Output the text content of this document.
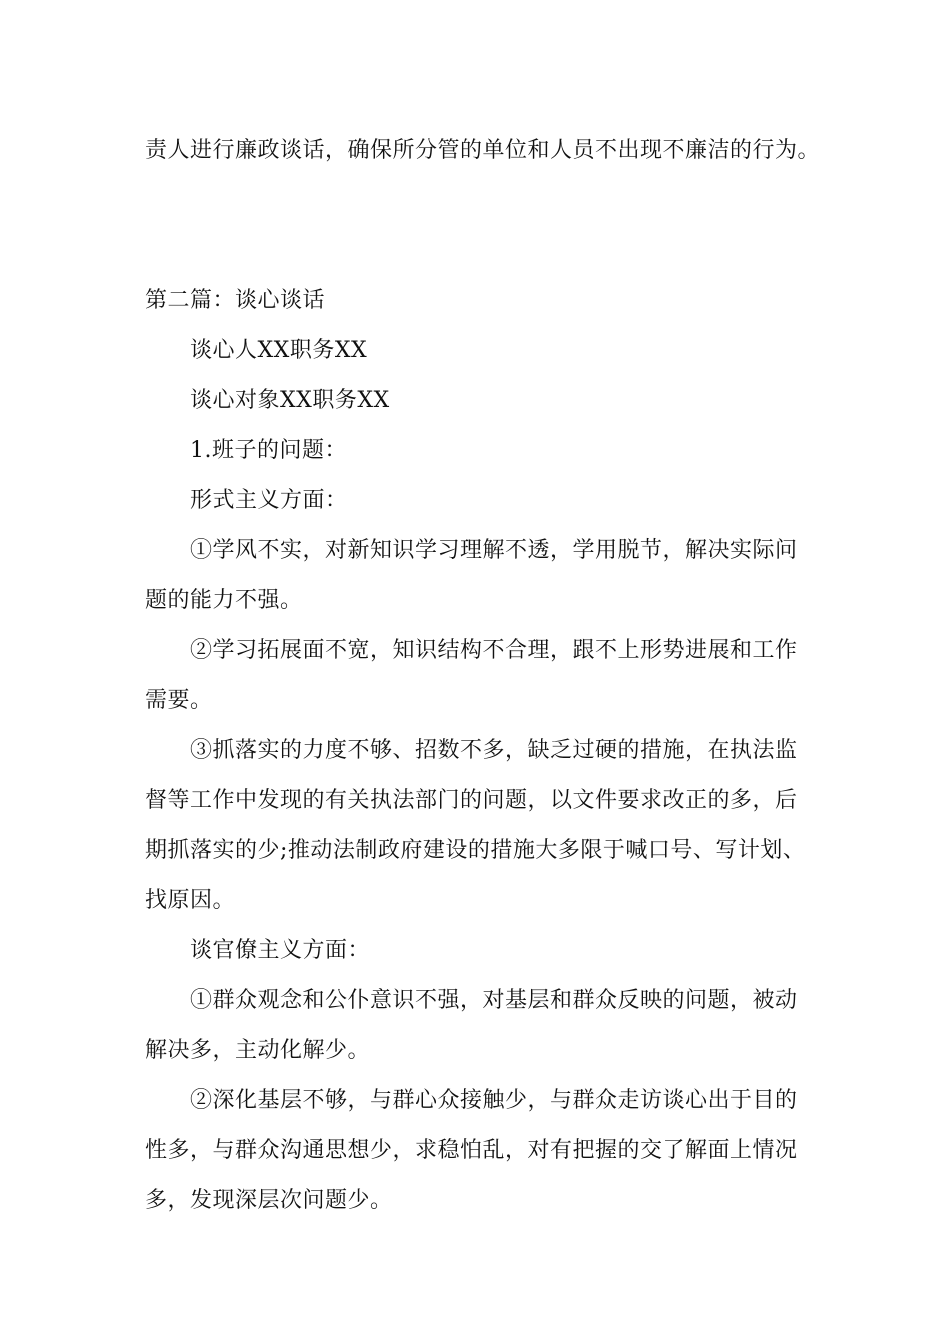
责人进行廉政谈话，确保所分管的单位和人员不出现不廉洁的行为。
第二篇：谈心谈话
谈心人XX职务XX
谈心对象XX职务XX
1.班子的问题：
形式主义方面：
①学风不实，对新知识学习理解不透，学用脱节，解决实际问
题的能力不强。
②学习拓展面不宽，知识结构不合理，跟不上形势进展和工作
需要。
③抓落实的力度不够、招数不多，缺乏过硬的措施，在执法监
督等工作中发现的有关执法部门的问题，以文件要求改正的多，后
期抓落实的少;推动法制政府建设的措施大多限于喊口号、写计划、
找原因。
谈官僚主义方面：
①群众观念和公仆意识不强，对基层和群众反映的问题，被动
解决多，主动化解少。
②深化基层不够，与群心众接触少，与群众走访谈心出于目的
性多，与群众沟通思想少，求稳怕乱，对有把握的交了解面上情况
多，发现深层次问题少。
